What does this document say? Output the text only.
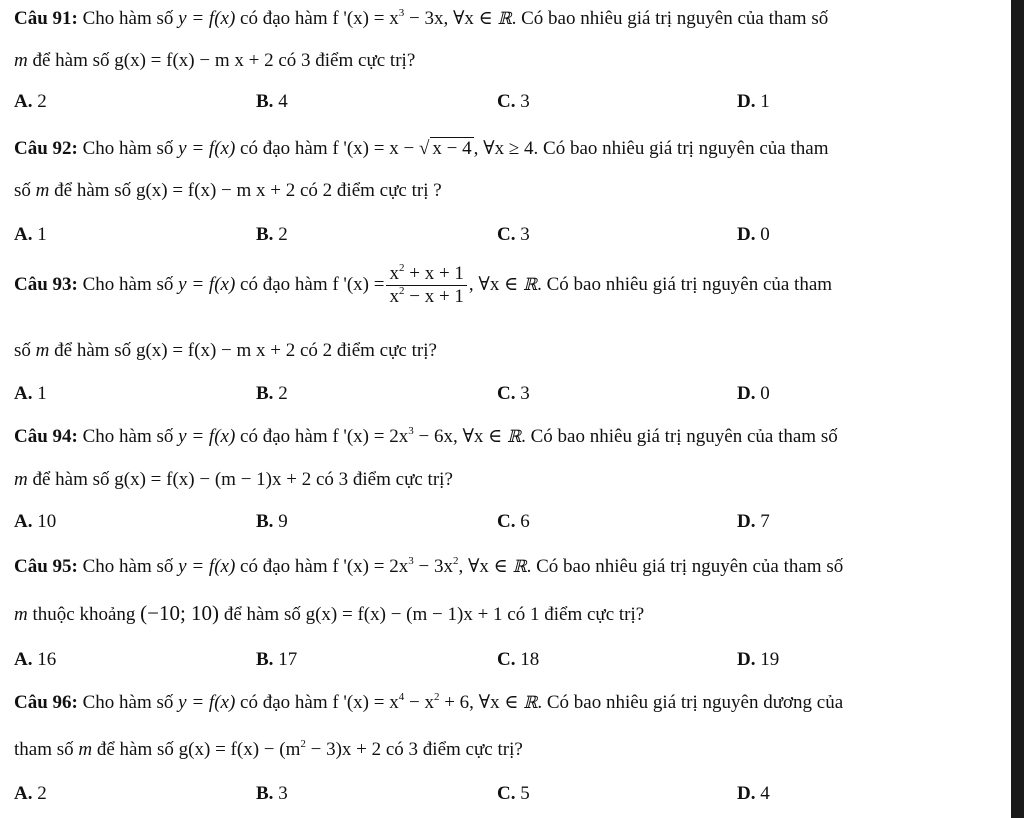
Câu 91: Cho hàm số y = f(x) có đạo hàm f '$(x) = x^3 - 3x$, ∀x ∈ ℝ. Có bao nhiêu giá trị nguyên của tham số
m để hàm số g(x) = f(x) − m x + 2 có 3 điểm cực trị?
A. 2	B. 4	C. 3	D. 1
Câu 92: Cho hàm số y = f(x) có đạo hàm f '(x) = x − √ x − 4 , ∀x ≥ 4. Có bao nhiêu giá trị nguyên của tham
số m để hàm số g(x) = f(x) − m x + 2 có 2 điểm cực trị ?
A. 1	B. 2	C. 3	D. 0
Câu 93: Cho hàm số y = f(x) có đạo hàm f '$(x) = \frac{x^2 + x + 1}{x^2 - x + 1}$ , ∀x ∈ ℝ. Có bao nhiêu giá trị nguyên của tham
số m để hàm số g(x) = f(x) − m x + 2 có 2 điểm cực trị?
A. 1	B. 2	C. 3	D. 0
Câu 94: Cho hàm số y = f(x) có đạo hàm f '$(x) = 2x^3 - 6x$, ∀x ∈ ℝ. Có bao nhiêu giá trị nguyên của tham số
m để hàm số g(x) = f(x) − (m − 1)x + 2 có 3 điểm cực trị?
A. 10	B. 9	C. 6	D. 7
Câu 95: Cho hàm số y = f(x) có đạo hàm f '$(x) = 2x^3 - 3x^2$, ∀x ∈ ℝ. Có bao nhiêu giá trị nguyên của tham số
m thuộc khoảng (−10; 10) để hàm số g(x) = f(x) − (m − 1)x + 1 có 1 điểm cực trị?
A. 16	B. 17	C. 18	D. 19
Câu 96: Cho hàm số y = f(x) có đạo hàm f '$(x) = x^4 - x^2 + 6$, ∀x ∈ ℝ. Có bao nhiêu giá trị nguyên dương của
tham số m để hàm số $g(x) = f(x) - (m^2 - 3)x + 2$ có 3 điểm cực trị?
A. 2	B. 3	C. 5	D. 4
